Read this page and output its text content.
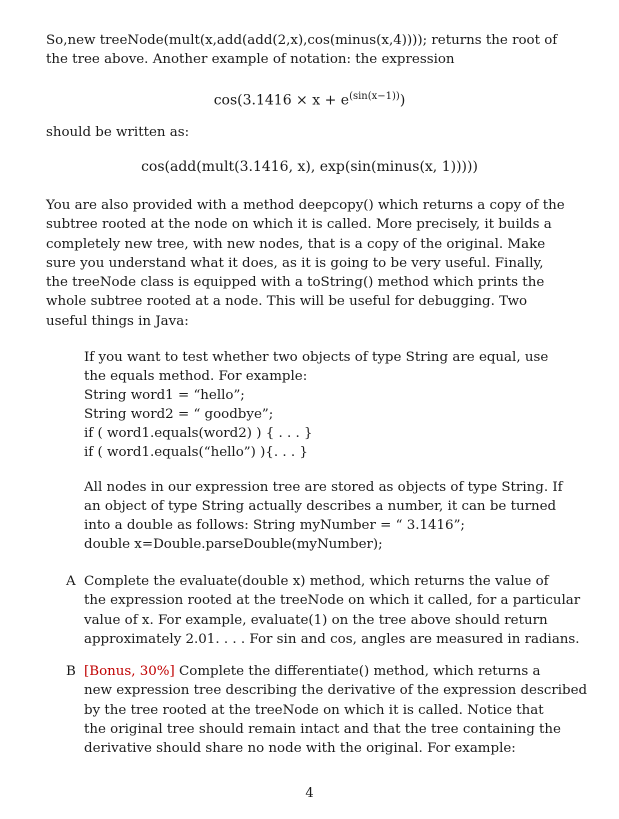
So,new treeNode(mult(x,add(add(2,x),cos(minus(x,4)))); returns the root of
the tree above. Another example of notation: the expression
$\cos(3.1416 \times x + e^{(sin(x-1))})$
should be written as:
cos(add(mult(3.1416, x), exp(sin(minus(x, 1)))))
You are also provided with a method deepcopy() which returns a copy of the
subtree rooted at the node on which it is called. More precisely, it builds a
completely new tree, with new nodes, that is a copy of the original. Make
sure you understand what it does, as it is going to be very useful. Finally,
the treeNode class is equipped with a toString() method which prints the
whole subtree rooted at a node. This will be useful for debugging. Two
useful things in Java:
If you want to test whether two objects of type String are equal, use
the equals method. For example:
String word1 = “hello”;
String word2 = “ goodbye”;
if ( word1.equals(word2) ) { . . . }
if ( word1.equals(“hello”) ){. . . }
All nodes in our expression tree are stored as objects of type String. If
an object of type String actually describes a number, it can be turned
into a double as follows: String myNumber = “ 3.1416”;
double x=Double.parseDouble(myNumber);
A Complete the evaluate(double x) method, which returns the value of
the expression rooted at the treeNode on which it called, for a particular
value of x. For example, evaluate(1) on the tree above should return
approximately 2.01. . . . For sin and cos, angles are measured in radians.
B [Bonus, 30%] Complete the differentiate() method, which returns a
new expression tree describing the derivative of the expression described
by the tree rooted at the treeNode on which it is called. Notice that
the original tree should remain intact and that the tree containing the
derivative should share no node with the original. For example:
4
